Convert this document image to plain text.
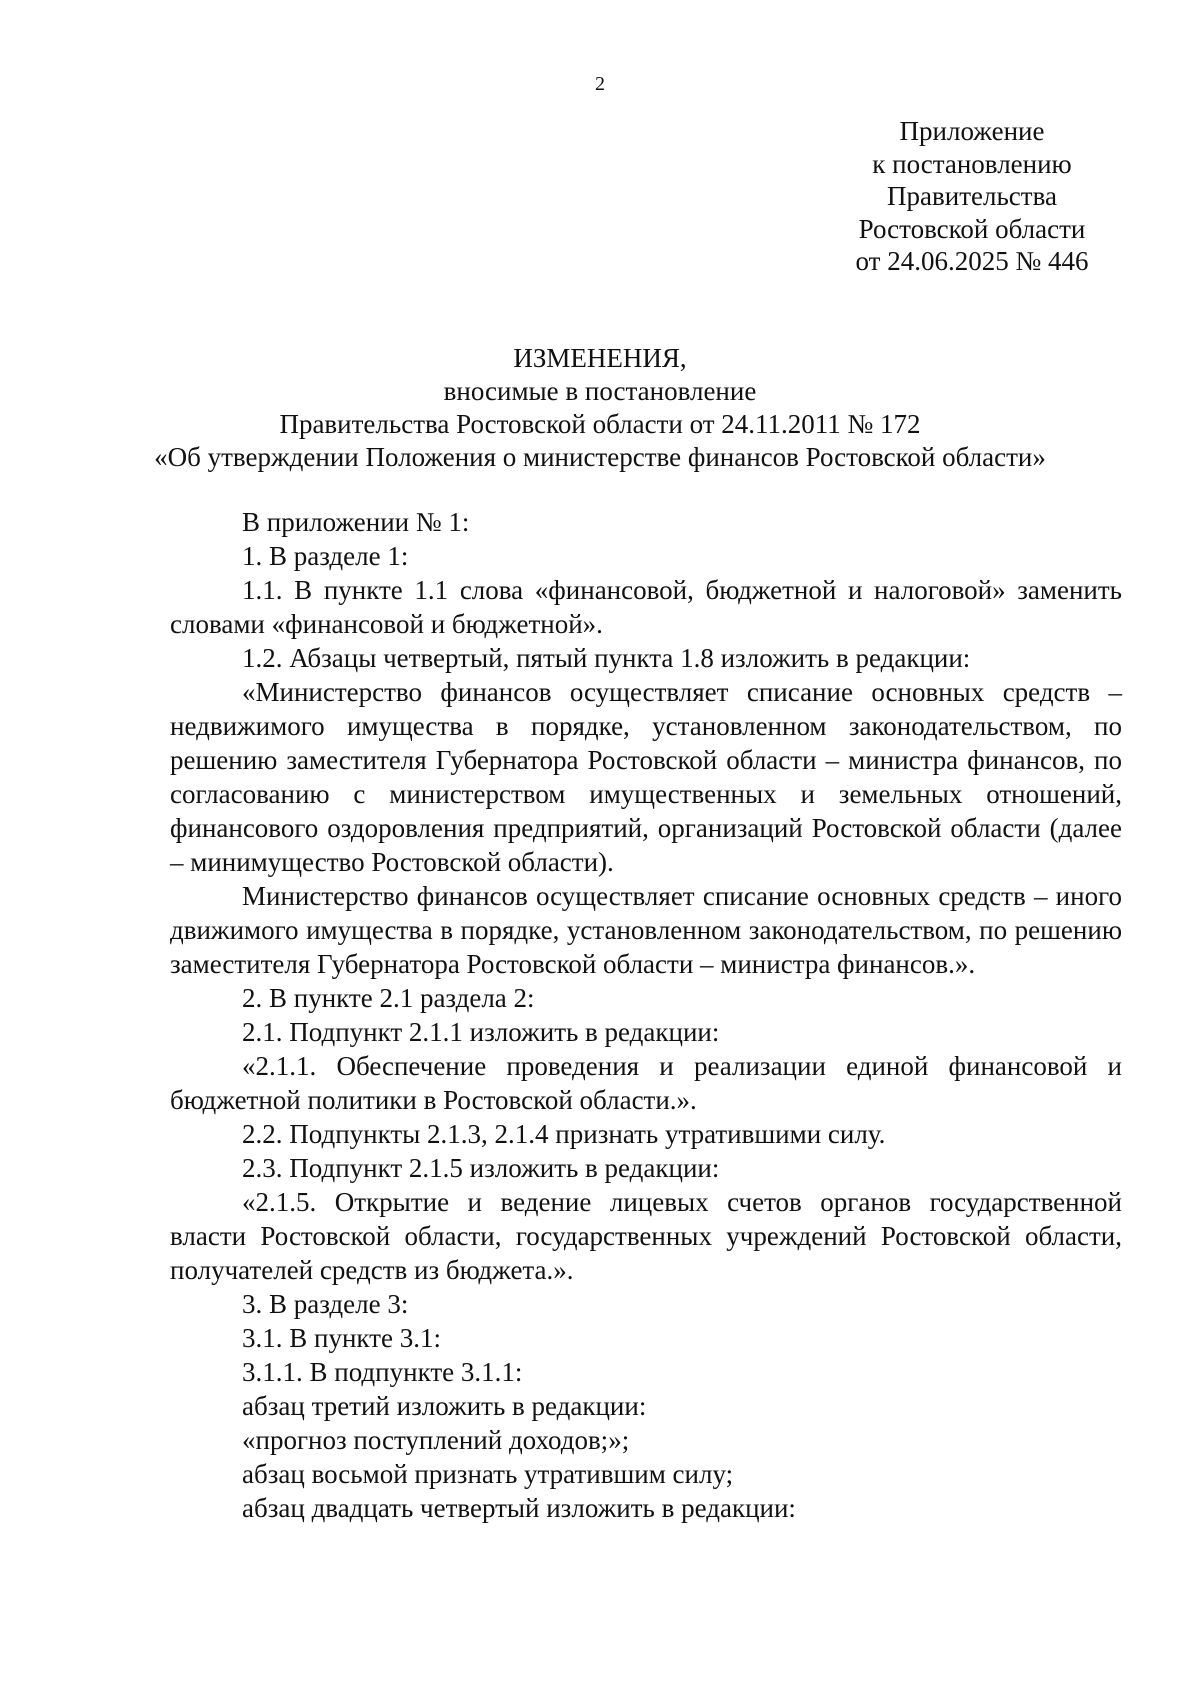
2
Приложение
к постановлению
Правительства
Ростовской области
от 24.06.2025 № 446
ИЗМЕНЕНИЯ,
вносимые в постановление
Правительства Ростовской области от 24.11.2011 № 172
«Об утверждении Положения о министерстве финансов Ростовской области»

В приложении № 1:

1. В разделе 1:

1.1. В пункте 1.1 слова «финансовой, бюджетной и налоговой» заменить словами «финансовой и бюджетной».

1.2. Абзацы четвертый, пятый пункта 1.8 изложить в редакции:

«Министерство финансов осуществляет списание основных средств – недвижимого имущества в порядке, установленном законодательством, по решению заместителя Губернатора Ростовской области – министра финансов, по согласованию с министерством имущественных и земельных отношений, финансового оздоровления предприятий, организаций Ростовской области (далее – минимущество Ростовской области).

Министерство финансов осуществляет списание основных средств – иного движимого имущества в порядке, установленном законодательством, по решению заместителя Губернатора Ростовской области – министра финансов.».

2. В пункте 2.1 раздела 2:

2.1. Подпункт 2.1.1 изложить в редакции:

«2.1.1. Обеспечение проведения и реализации единой финансовой и бюджетной политики в Ростовской области.».

2.2. Подпункты 2.1.3, 2.1.4 признать утратившими силу.

2.3. Подпункт 2.1.5 изложить в редакции:

«2.1.5. Открытие и ведение лицевых счетов органов государственной власти Ростовской области, государственных учреждений Ростовской области, получателей средств из бюджета.».

3. В разделе 3:

3.1. В пункте 3.1:

3.1.1. В подпункте 3.1.1:

абзац третий изложить в редакции:

«прогноз поступлений доходов;»;

абзац восьмой признать утратившим силу;

абзац двадцать четвертый изложить в редакции:
